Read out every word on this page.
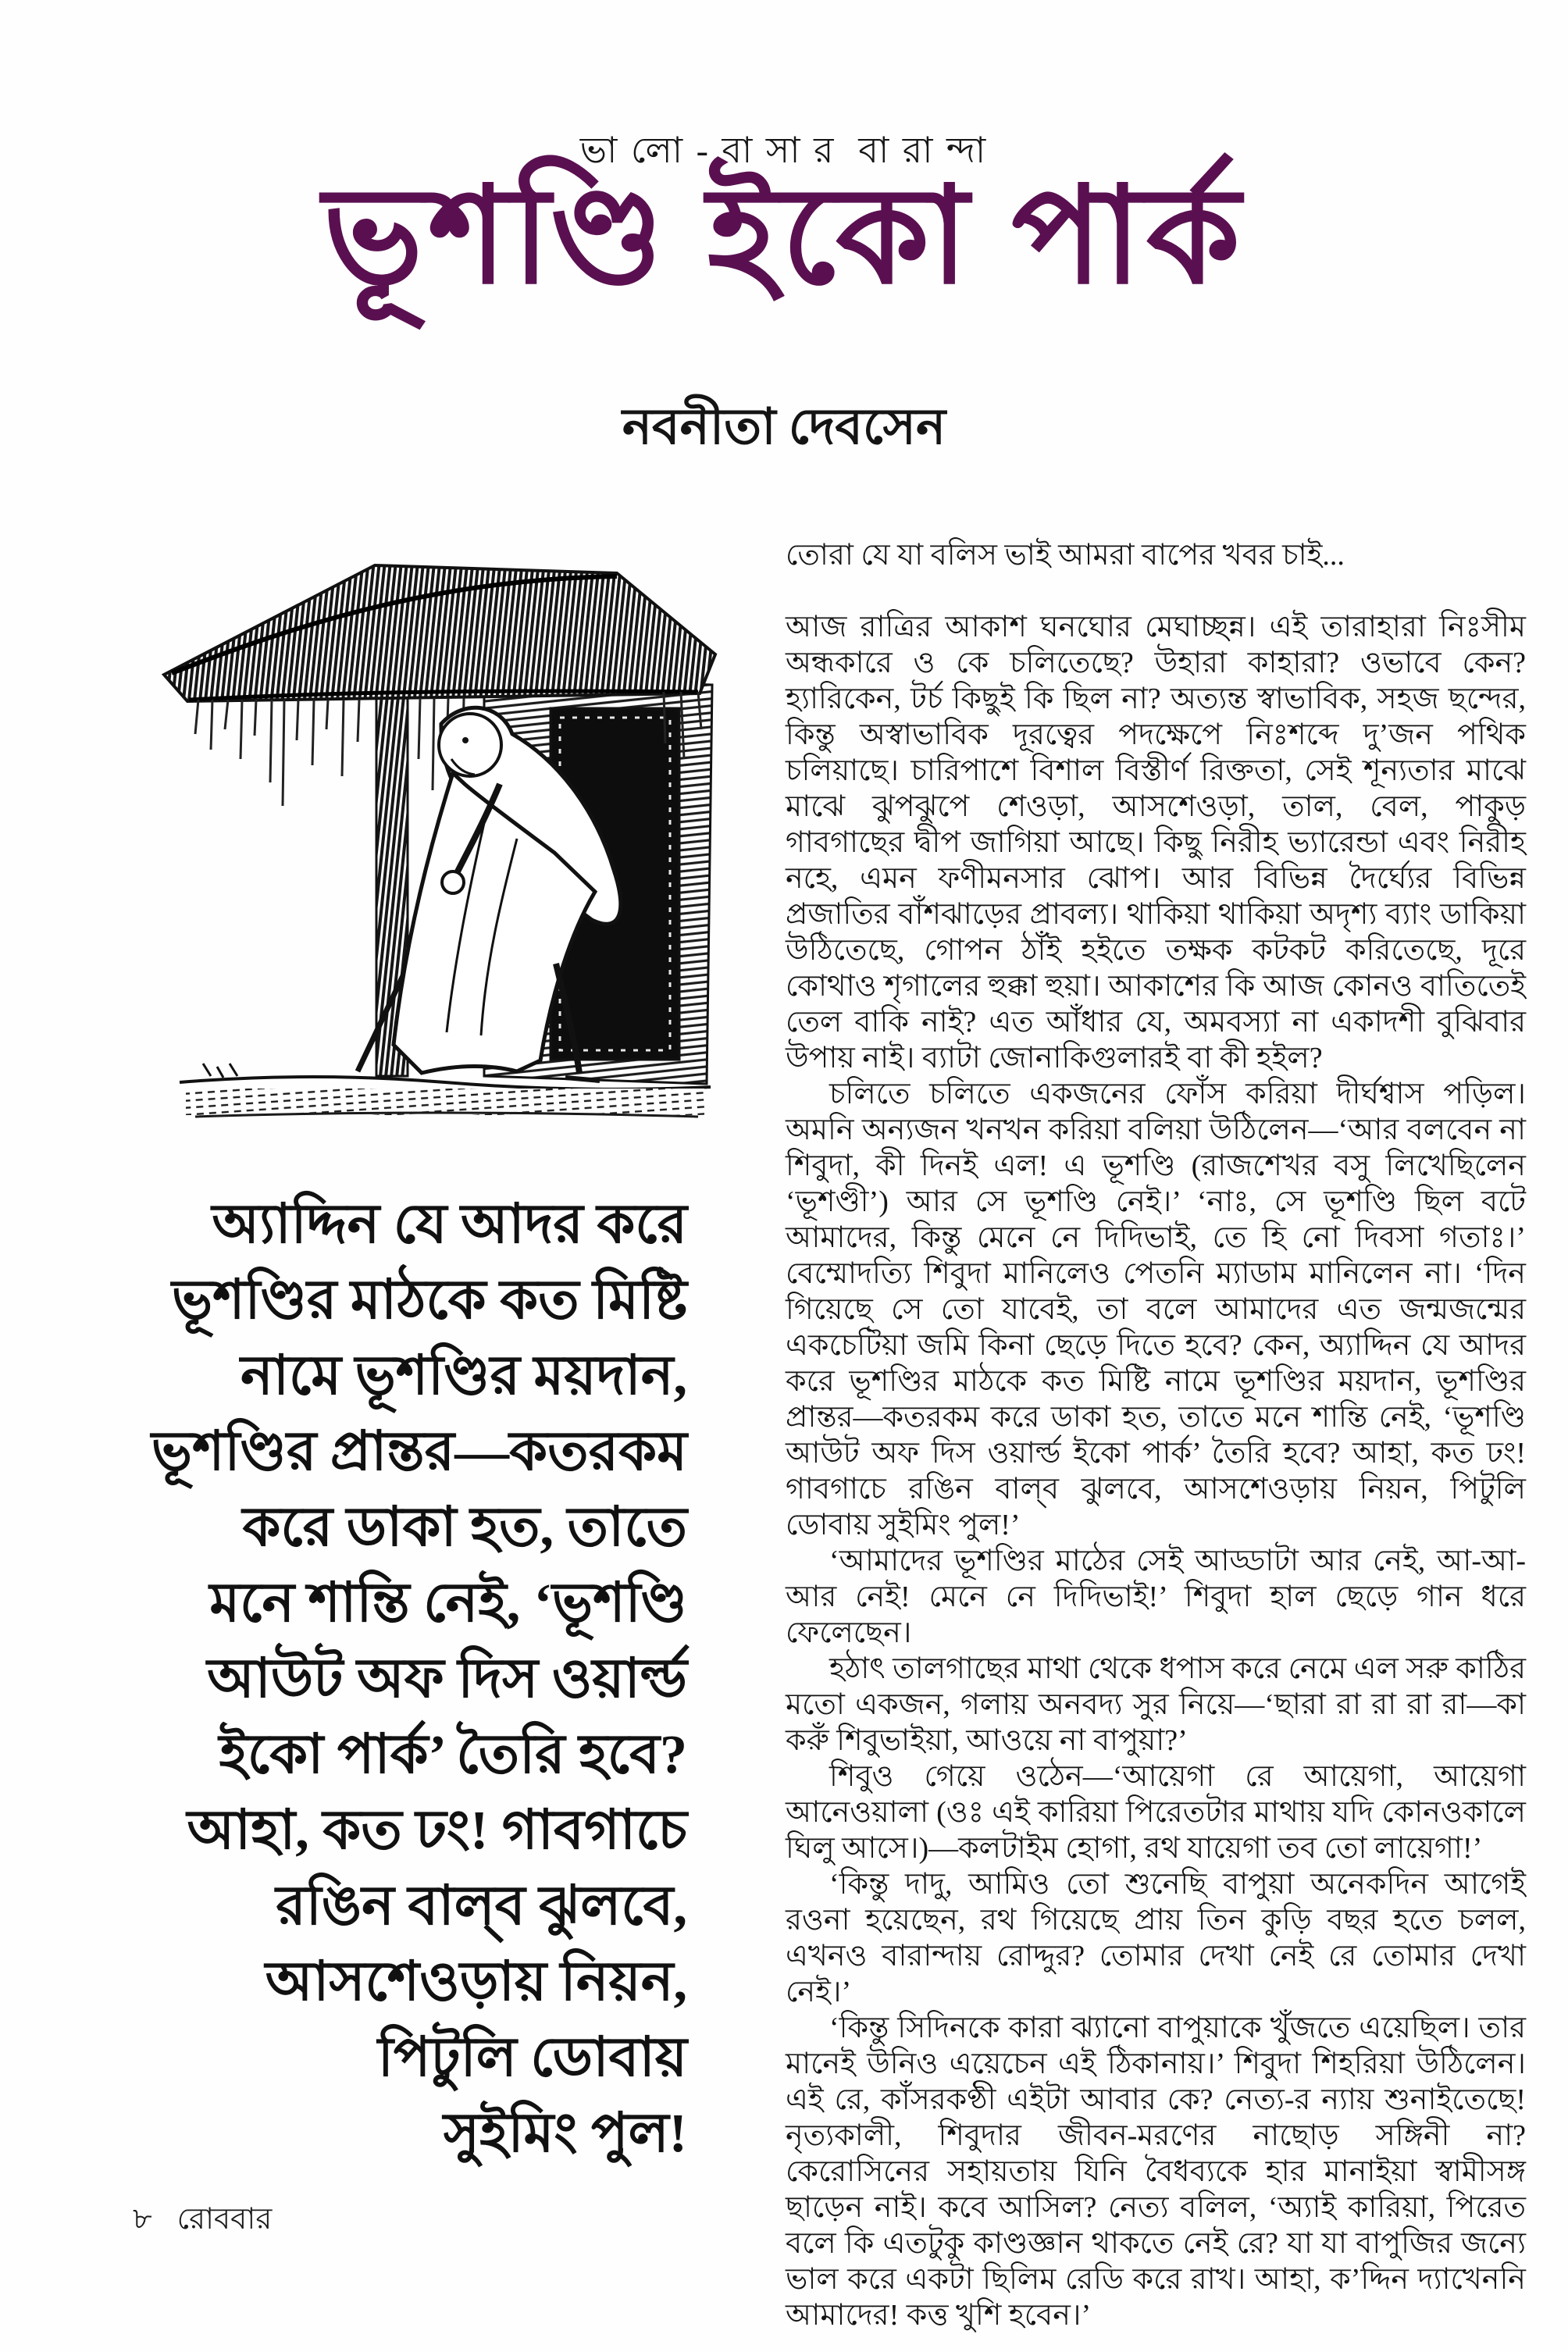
ভা লো - বা সা র  বা রা ন্দা
ভূশণ্ডি ইকো পার্ক
নবনীতা দেবসেন
অ্যাদ্দিন যে আদর করে
ভূশণ্ডির মাঠকে কত মিষ্টি
নামে ভূশণ্ডির ময়দান,
ভূশণ্ডির প্রান্তর—কতরকম
করে ডাকা হত, তাতে
মনে শান্তি নেই, ‘ভূশণ্ডি
আউট অফ দিস ওয়ার্ল্ড
ইকো পার্ক’ তৈরি হবে?
আহা, কত ঢং! গাবগাচে
রঙিন বাল্‌ব ঝুলবে,
আসশেওড়ায় নিয়ন,
পিটুলি ডোবায়
সুইমিং পুল!

তোরা যে যা বলিস ভাই আমরা বাপের খবর চাই...

আজ রাত্রির আকাশ ঘনঘোর মেঘাচ্ছন্ন। এই তারাহারা নিঃসীম অন্ধকারে ও কে চলিতেছে? উহারা কাহারা? ওভাবে কেন? হ্যারিকেন, টর্চ কিছুই কি ছিল না? অত্যন্ত স্বাভাবিক, সহজ ছন্দের, কিন্তু অস্বাভাবিক দূরত্বের পদক্ষেপে নিঃশব্দে দু’জন পথিক চলিয়াছে। চারিপাশে বিশাল বিস্তীর্ণ রিক্ততা, সেই শূন্যতার মাঝে মাঝে ঝুপঝুপে শেওড়া, আসশেওড়া, তাল, বেল, পাকুড় গাবগাছের দ্বীপ জাগিয়া আছে। কিছু নিরীহ ভ্যারেন্ডা এবং নিরীহ নহে, এমন ফণীমনসার ঝোপ। আর বিভিন্ন দৈর্ঘ্যের বিভিন্ন প্রজাতির বাঁশঝাড়ের প্রাবল্য। থাকিয়া থাকিয়া অদৃশ্য ব্যাং ডাকিয়া উঠিতেছে, গোপন ঠাঁই হইতে তক্ষক কটকট করিতেছে, দূরে কোথাও শৃগালের হুক্কা হুয়া। আকাশের কি আজ কোনও বাতিতেই তেল বাকি নাই? এত আঁধার যে, অমবস্যা না একাদশী বুঝিবার উপায় নাই। ব্যাটা জোনাকিগুলারই বা কী হইল?

চলিতে চলিতে একজনের ফোঁস করিয়া দীর্ঘশ্বাস পড়িল। অমনি অন্যজন খনখন করিয়া বলিয়া উঠিলেন—‘আর বলবেন না শিবুদা, কী দিনই এল! এ ভূশণ্ডি (রাজশেখর বসু লিখেছিলেন ‘ভূশণ্ডী’) আর সে ভূশণ্ডি নেই।’ ‘নাঃ, সে ভূশণ্ডি ছিল বটে আমাদের, কিন্তু মেনে নে দিদিভাই, তে হি নো দিবসা গতাঃ।’ বেম্মোদত্যি শিবুদা মানিলেও পেতনি ম্যাডাম মানিলেন না। ‘দিন গিয়েছে সে তো যাবেই, তা বলে আমাদের এত জন্মজন্মের একচেটিয়া জমি কিনা ছেড়ে দিতে হবে? কেন, অ্যাদ্দিন যে আদর করে ভূশণ্ডির মাঠকে কত মিষ্টি নামে ভূশণ্ডির ময়দান, ভূশণ্ডির প্রান্তর—কতরকম করে ডাকা হত, তাতে মনে শান্তি নেই, ‘ভূশণ্ডি আউট অফ দিস ওয়ার্ল্ড ইকো পার্ক’ তৈরি হবে? আহা, কত ঢং! গাবগাচে রঙিন বাল্‌ব ঝুলবে, আসশেওড়ায় নিয়ন, পিটুলি ডোবায় সুইমিং পুল!’

‘আমাদের ভূশণ্ডির মাঠের সেই আড্ডাটা আর নেই, আ-আ-আর নেই! মেনে নে দিদিভাই!’ শিবুদা হাল ছেড়ে গান ধরে ফেলেছেন।

হঠাৎ তালগাছের মাথা থেকে ধপাস করে নেমে এল সরু কাঠির মতো একজন, গলায় অনবদ্য সুর নিয়ে—‘ছারা রা রা রা রা—কা করুঁ শিবুভাইয়া, আওয়ে না বাপুয়া?’

শিবুও গেয়ে ওঠেন—‘আয়েগা রে আয়েগা, আয়েগা আনেওয়ালা (ওঃ এই কারিয়া পিরেতটার মাথায় যদি কোনওকালে ঘিলু আসে।)—কলটাইম হোগা, রথ যায়েগা তব তো লায়েগা!’

‘কিন্তু দাদু, আমিও তো শুনেছি বাপুয়া অনেকদিন আগেই রওনা হয়েছেন, রথ গিয়েছে প্রায় তিন কুড়ি বছর হতে চলল, এখনও বারান্দায় রোদ্দুর? তোমার দেখা নেই রে তোমার দেখা নেই।’

‘কিন্তু সিদিনকে কারা ঝ্যানো বাপুয়াকে খুঁজতে এয়েছিল। তার মানেই উনিও এয়েচেন এই ঠিকানায়।’ শিবুদা শিহরিয়া উঠিলেন। এই রে, কাঁসরকণ্ঠী এইটা আবার কে? নেত্য-র ন্যায় শুনাইতেছে! নৃত্যকালী, শিবুদার জীবন-মরণের নাছোড় সঙ্গিনী না? কেরোসিনের সহায়তায় যিনি বৈধব্যকে হার মানাইয়া স্বামীসঙ্গ ছাড়েন নাই। কবে আসিল? নেত্য বলিল, ‘অ্যাই কারিয়া, পিরেত বলে কি এতটুকু কাণ্ডজ্ঞান থাকতে নেই রে? যা যা বাপুজির জন্যে ভাল করে একটা ছিলিম রেডি করে রাখ। আহা, ক’দ্দিন দ্যাখেননি আমাদের! কত্ত খুশি হবেন।’

৮ রোববার
